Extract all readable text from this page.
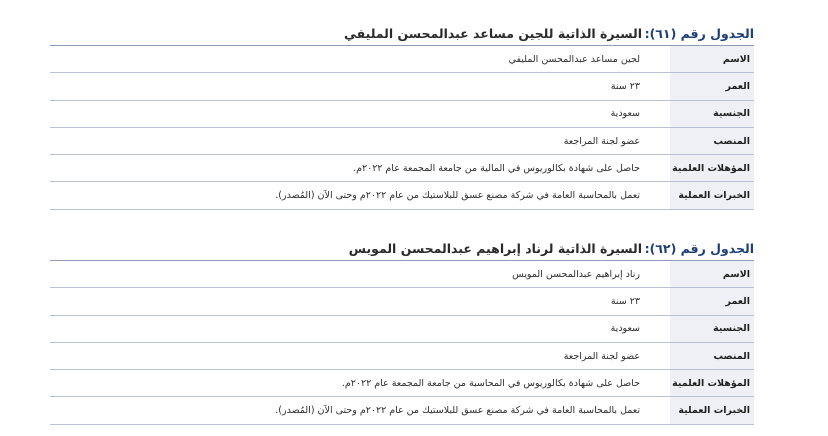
الجدول رقم (٦١):
السيرة الذاتية للجين مساعد عبدالمحسن المليفي
الاسم
لجين مساعد عبدالمحسن المليفي
العمر
٢٣ سنة
الجنسية
سعودية
المنصب
عضو لجنة المراجعة
المؤهلات العلمية
حاصل على شهادة بكالوريوس في المالية من جامعة المجمعة عام ٢٠٢٢م.
الخبرات العملية
تعمل بالمحاسبة العامة في شركة مصنع عسق للبلاستيك من عام ٢٠٢٢م وحتى الآن (المُصدر).
الجدول رقم (٦٢):
السيرة الذاتية لرناد إبراهيم عبدالمحسن المويس
الاسم
رناد إبراهيم عبدالمحسن المويس
العمر
٢٣ سنة
الجنسية
سعودية
المنصب
عضو لجنة المراجعة
المؤهلات العلمية
حاصل على شهادة بكالوريوس في المحاسبة من جامعة المجمعة عام ٢٠٢٢م.
الخبرات العملية
تعمل بالمحاسبة العامة في شركة مصنع عسق للبلاستيك من عام ٢٠٢٢م وحتى الآن (المُصدر).
